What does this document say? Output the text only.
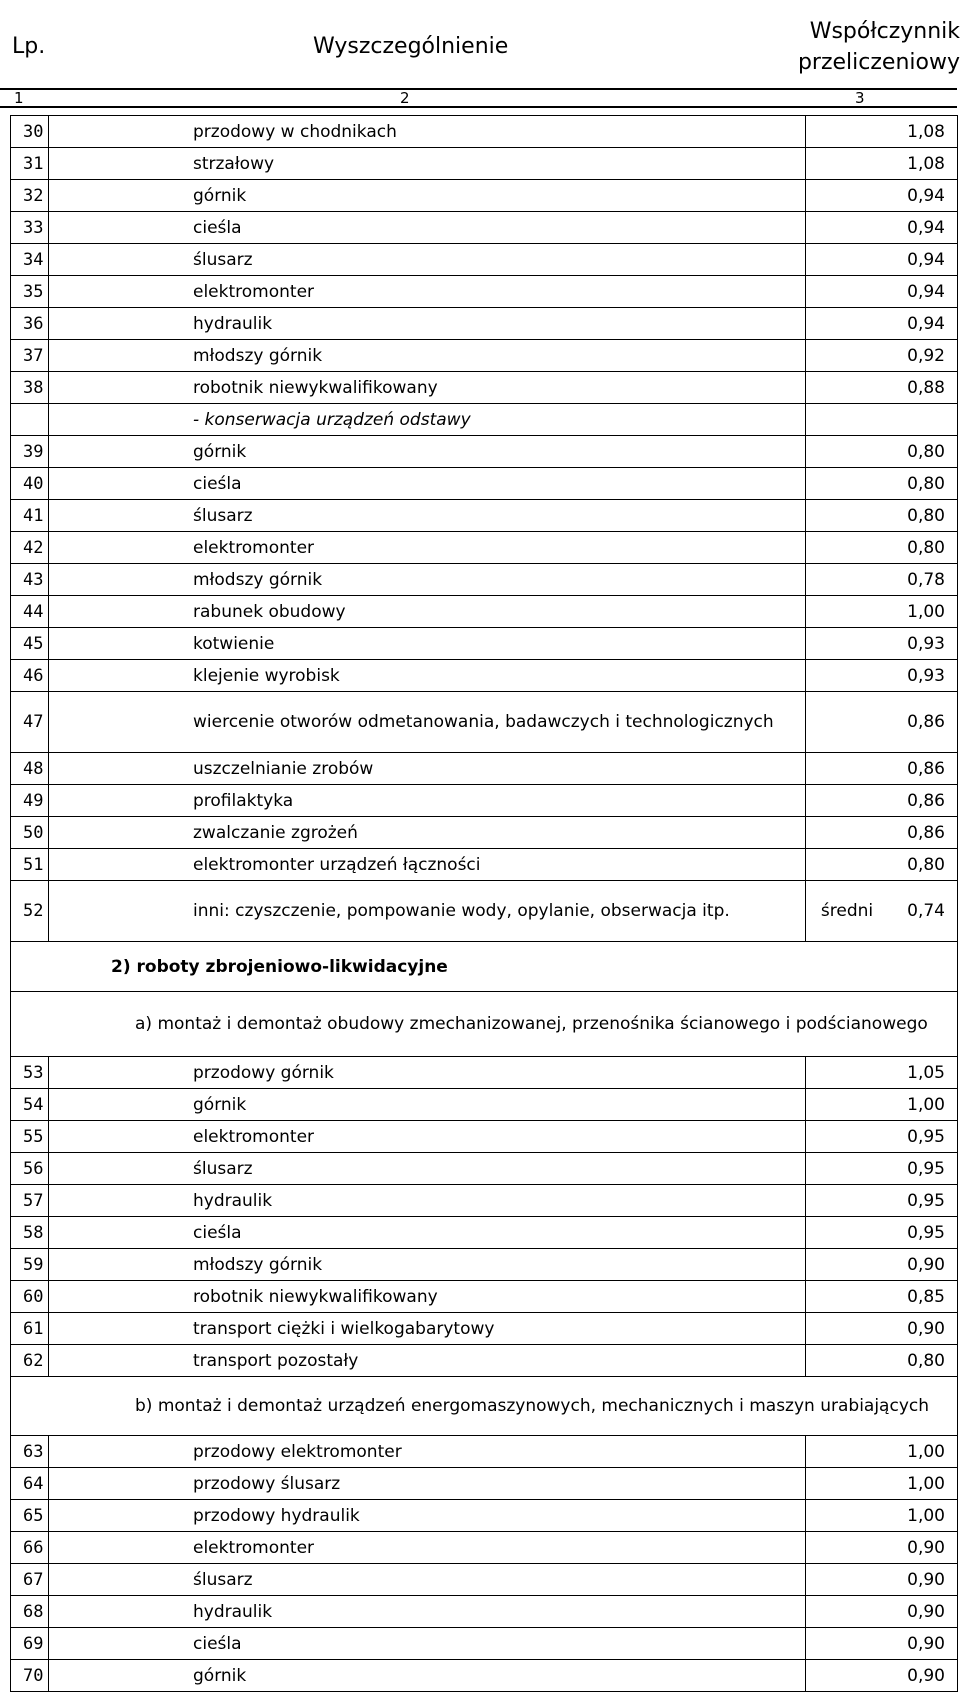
Lp.	Wyszczególnienie
Współczynnik
przeliczeniowy
1	2	3
30	przodowy w chodnikach	1,08
31	strzałowy	1,08
32	górnik	0,94
33	cieśla	0,94
34	ślusarz	0,94
35	elektromonter	0,94
36	hydraulik	0,94
37	młodszy górnik	0,92
38	robotnik niewykwalifikowany	0,88
	- konserwacja urządzeń odstawy	
39	górnik	0,80
40	cieśla	0,80
41	ślusarz	0,80
42	elektromonter	0,80
43	młodszy górnik	0,78
44	rabunek obudowy	1,00
45	kotwienie	0,93
46	klejenie wyrobisk	0,93
47	wiercenie otworów odmetanowania, badawczych i technologicznych	0,86
48	uszczelnianie zrobów	0,86
49	profilaktyka	0,86
50	zwalczanie zgrożeń	0,86
51	elektromonter urządzeń łączności	0,80
52	inni: czyszczenie, pompowanie wody, opylanie, obserwacja itp.	średni 0,74
2) roboty zbrojeniowo-likwidacyjne		
a) montaż i demontaż obudowy zmechanizowanej, przenośnika ścianowego i podścianowego		
53	przodowy górnik	1,05
54	górnik	1,00
55	elektromonter	0,95
56	ślusarz	0,95
57	hydraulik	0,95
58	cieśla	0,95
59	młodszy górnik	0,90
60	robotnik niewykwalifikowany	0,85
61	transport ciężki i wielkogabarytowy	0,90
62	transport pozostały	0,80
b) montaż i demontaż urządzeń energomaszynowych, mechanicznych i maszyn urabiających		
63	przodowy elektromonter	1,00
64	przodowy ślusarz	1,00
65	przodowy hydraulik	1,00
66	elektromonter	0,90
67	ślusarz	0,90
68	hydraulik	0,90
69	cieśla	0,90
70	górnik	0,90
